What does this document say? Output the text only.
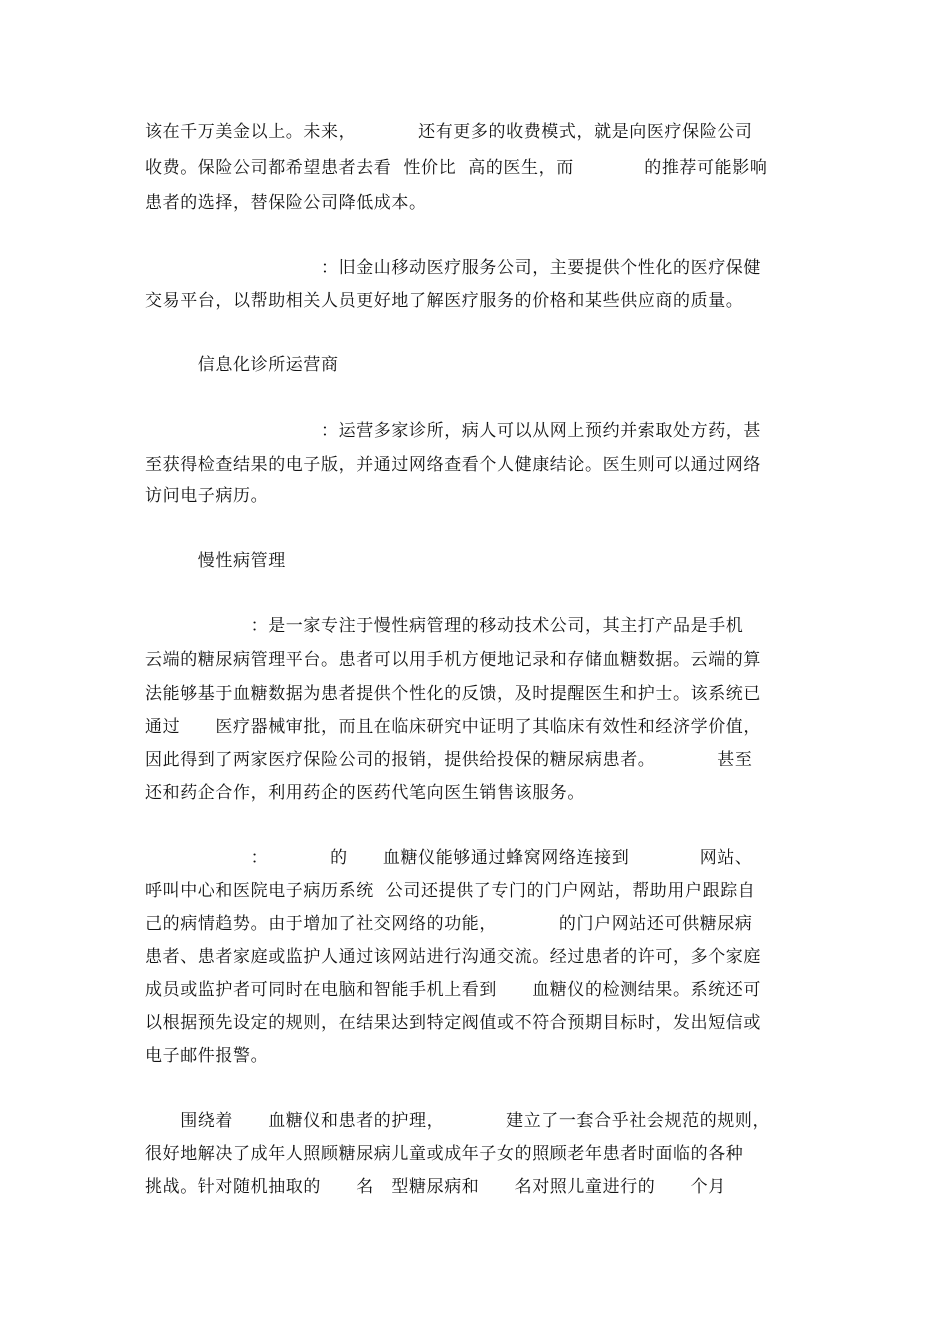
该在千万美金以上。未来，　　　　还有更多的收费模式，就是向医疗保险公司
收费。保险公司都希望患者去看  性价比  高的医生，而　　　　的推荐可能影响
患者的选择，替保险公司降低成本。
　　　　　　　　　　：旧金山移动医疗服务公司，主要提供个性化的医疗保健
交易平台，以帮助相关人员更好地了解医疗服务的价格和某些供应商的质量。
　　　信息化诊所运营商
　　　　　　　　　　：运营多家诊所，病人可以从网上预约并索取处方药，甚
至获得检查结果的电子版，并通过网络查看个人健康结论。医生则可以通过网络
访问电子病历。
　　　慢性病管理
　　　　　　：是一家专注于慢性病管理的移动技术公司，其主打产品是手机
云端的糖尿病管理平台。患者可以用手机方便地记录和存储血糖数据。云端的算
法能够基于血糖数据为患者提供个性化的反馈，及时提醒医生和护士。该系统已
通过　　医疗器械审批，而且在临床研究中证明了其临床有效性和经济学价值，
因此得到了两家医疗保险公司的报销，提供给投保的糖尿病患者。　　　　甚至
还和药企合作，利用药企的医药代笔向医生销售该服务。
　　　　　　：　　　　的　　血糖仪能够通过蜂窝网络连接到　　　　网站、
呼叫中心和医院电子病历系统  公司还提供了专门的门户网站，帮助用户跟踪自
己的病情趋势。由于增加了社交网络的功能，　　　　的门户网站还可供糖尿病
患者、患者家庭或监护人通过该网站进行沟通交流。经过患者的许可，多个家庭
成员或监护者可同时在电脑和智能手机上看到　　血糖仪的检测结果。系统还可
以根据预先设定的规则，在结果达到特定阀值或不符合预期目标时，发出短信或
电子邮件报警。
　　围绕着　　血糖仪和患者的护理，　　　　建立了一套合乎社会规范的规则，
很好地解决了成年人照顾糖尿病儿童或成年子女的照顾老年患者时面临的各种
挑战。针对随机抽取的　　名　型糖尿病和　　名对照儿童进行的　　个月
